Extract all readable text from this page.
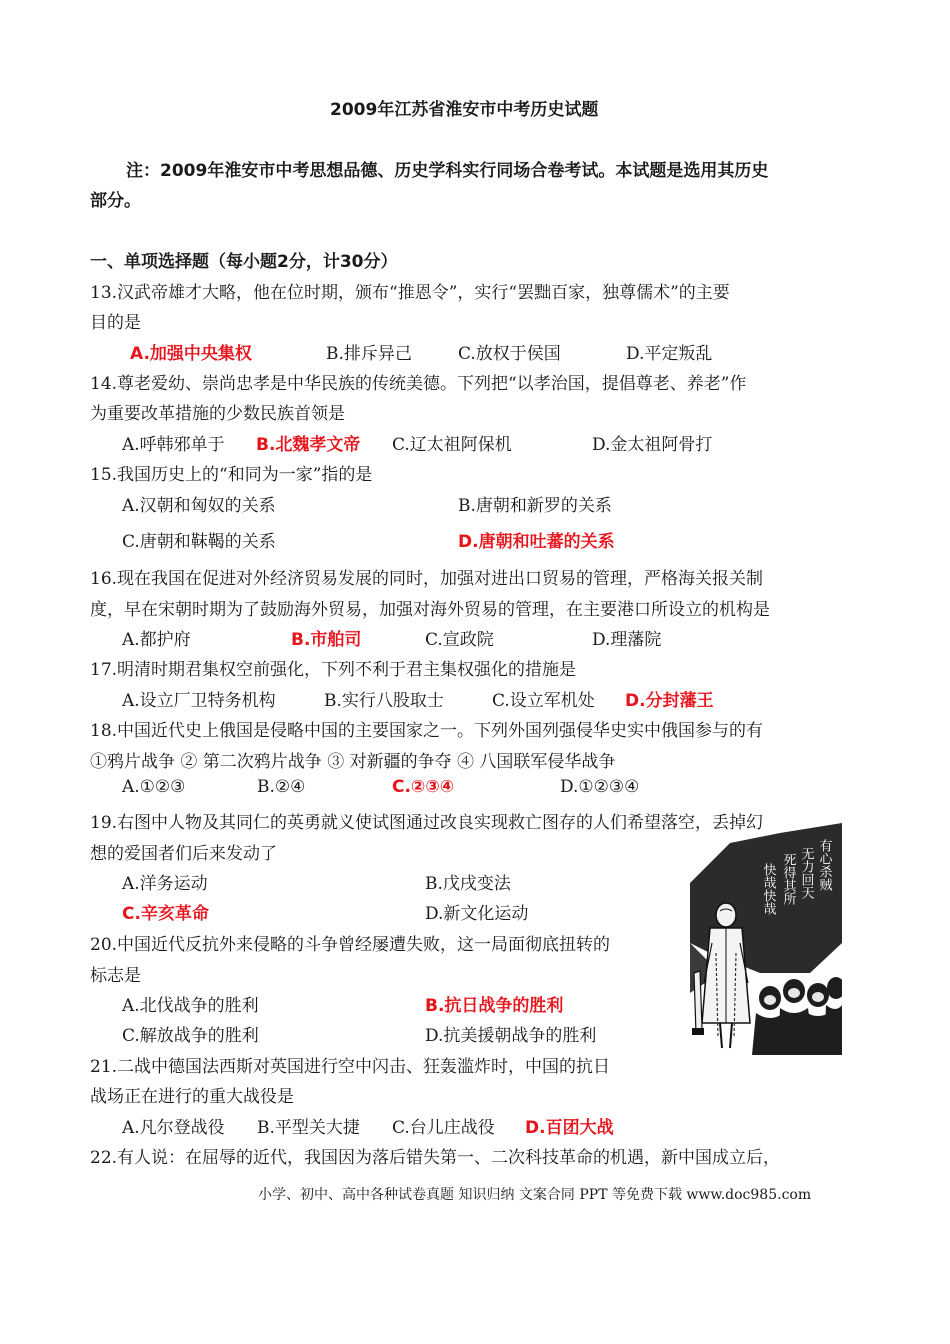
2009年江苏省淮安市中考历史试题
注：2009年淮安市中考思想品德、历史学科实行同场合卷考试。本试题是选用其历史
部分。
一、单项选择题（每小题2分，计30分）
13.汉武帝雄才大略，他在位时期，颁布“推恩令”，实行“罢黜百家，独尊儒术”的主要
目的是
A.加强中央集权	B.排斥异己	C.放权于侯国	D.平定叛乱
14.尊老爱幼、崇尚忠孝是中华民族的传统美德。下列把“以孝治国，提倡尊老、养老”作
为重要改革措施的少数民族首领是
A.呼韩邪单于 B.北魏孝文帝 C.辽太祖阿保机	D.金太祖阿骨打
15.我国历史上的“和同为一家”指的是
A.汉朝和匈奴的关系	B.唐朝和新罗的关系
C.唐朝和靺鞨的关系	D.唐朝和吐蕃的关系
16.现在我国在促进对外经济贸易发展的同时，加强对进出口贸易的管理，严格海关报关制
度，早在宋朝时期为了鼓励海外贸易，加强对海外贸易的管理，在主要港口所设立的机构是
A.都护府	B.市舶司	C.宣政院	D.理藩院
17.明清时期君集权空前强化，下列不利于君主集权强化的措施是
A.设立厂卫特务机构	B.实行八股取士	C.设立军机处 D.分封藩王
18.中国近代史上俄国是侵略中国的主要国家之一。下列外国列强侵华史实中俄国参与的有
①鸦片战争 ② 第二次鸦片战争 ③ 对新疆的争夺 ④ 八国联军侵华战争
A.①②③	B.②④	C.②③④	D.①②③④
19.右图中人物及其同仁的英勇就义使试图通过改良实现救亡图存的人们希望落空，丢掉幻
想的爱国者们后来发动了
A.洋务运动	B.戊戌变法
C.辛亥革命	D.新文化运动
20.中国近代反抗外来侵略的斗争曾经屡遭失败，这一局面彻底扭转的
标志是
A.北伐战争的胜利	B.抗日战争的胜利
C.解放战争的胜利	D.抗美援朝战争的胜利
21.二战中德国法西斯对英国进行空中闪击、狂轰滥炸时，中国的抗日
战场正在进行的重大战役是
A.凡尔登战役 B.平型关大捷 C.台儿庄战役 D.百团大战
22.有人说：在屈辱的近代，我国因为落后错失第一、二次科技革命的机遇，新中国成立后，
有心杀贼
无力回天
死得其所
快哉快哉
小学、初中、高中各种试卷真题 知识归纳 文案合同 PPT 等免费下载 www.doc985.com
